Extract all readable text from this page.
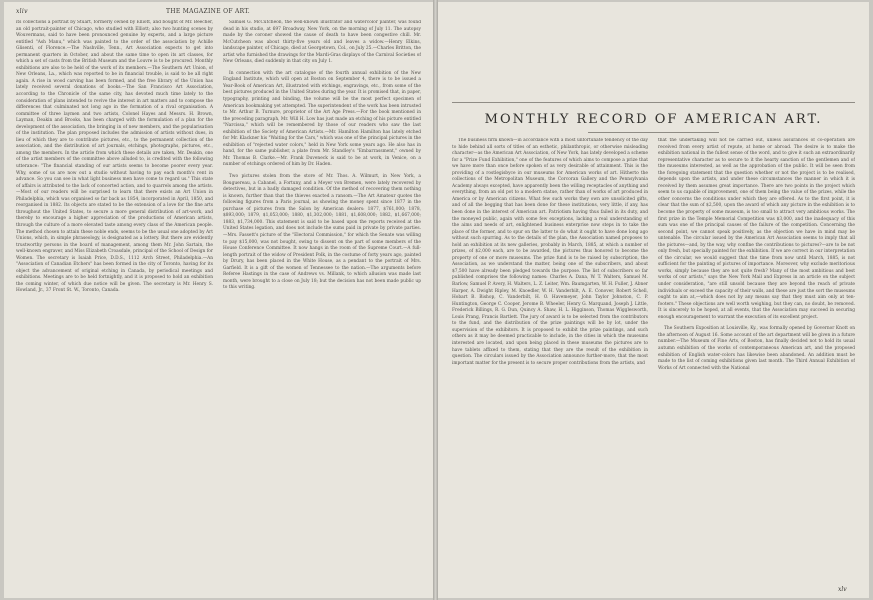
xliv	THE MAGAZINE OF ART.

its collections a portrait by Stuart, formerly owned by Elliott, and bought of Mr. Beecher, an old portrait-painter of Chicago, who studied with Elliott; also two hunting scenes by Wouvermans, said to have been pronounced genuine by experts, and a large picture entitled "Ash Manu," which was painted to the order of the association by Achille Glisenti, of Florence.—The Nashville, Tenn., Art Association expects to get into permanent quarters in October, and about the same time to open its art classes, for which a set of casts from the British Museum and the Louvre is to be procured. Monthly exhibitions are also to be held of the work of its members.—The Southern Art Union, of New Orleans, La., which was reported to be in financial trouble, is said to be all right again. A rise in wood carving has been formed, and the free library of the Union has lately received several donations of books.—The San Francisco Art Association, according to the Chronicle of the same city, has devoted much time lately to the consideration of plans intended to revive the interest in art matters and to compose the differences that culminated not long ago in the formation of a rival organisation. A committee of three laymen and two artists, Colonel Hayes and Messrs. H. Brown, Layman, Deakin and Brooks, has been charged with the formulation of a plan for the development of the association, the bringing in of new members, and the popularisation of the institution. The plan proposed includes the admission of artists without dues, in lieu of which they are to contribute pictures, etc., to the permanent collection of the association, and the distribution of art journals, etchings, photographs, pictures, etc., among the members. In the article from which these details are taken, Mr. Deakin, one of the artist members of the committee above alluded to, is credited with the following utterance: "The financial standing of our artists seems to become poorer every year. Why, some of us are now out a studio without having to pay each month's rent in advance. So you can see in what light business men have come to regard us." This state of affairs is attributed to the lack of concerted action, and to quarrels among the artists.—Most of our readers will be surprised to learn that there exists an Art Union in Philadelphia, which was organised so far back as 1854, incorporated in April, 1850, and reorganised in 1882. Its objects are stated to be the extension of a love for the fine arts throughout the United States, to secure a more general distribution of art-work, and thereby to encourage a higher appreciation of the productions of American artists, through the culture of a more elevated taste among every class of the American people. The method chosen to attain these noble ends, seems to be the usual one adopted by Art Unions, which, in simple phraseology, is designated as a lottery. But there are evidently trustworthy persons in the board of management, among them Mr. John Sartain, the well-known engraver, and Miss Elizabeth Croasdale, principal of the School of Design for Women. The secretary is Isaiah Price, D.D.S., 1112 Arch Street, Philadelphia.—An "Association of Canadian Etchers" has been formed in the city of Toronto, having for its object the advancement of original etching in Canada, by periodical meetings and exhibitions. Meetings are to be held fortnightly, and it is proposed to hold an exhibition the coming winter, of which due notice will be given. The secretary is Mr. Henry S. Howland, Jr., 37 Front St. W., Toronto, Canada.

Samuel G. McCutcheon, the well-known illustrator and watercolor painter, was found dead in his studio, at 697 Broadway, New York, on the morning of July 11. The autopsy made by the coroner showed the cause of death to have been congestive chill. Mr. McCutcheon was about thirty-five years old and leaves a widow.—Henry Elkins, landscape painter, of Chicago, died at Georgetown, Col., on July 25.—Charles Britton, the artist who furnished the drawings for the Mardi-Gras displays of the Carnival Societies of New Orleans, died suddenly in that city on July 1.

In connection with the art catalogue of the fourth annual exhibition of the New England Institute, which will open at Boston on September 4, there is to be issued a Year-Book of American Art, illustrated with etchings, engravings, etc., from some of the best pictures produced in the United States during the year. It is promised that, in paper, typography, printing and binding, the volume will be the most perfect specimen of American bookmaking yet attempted. The superintendent of the work has been intrusted to Mr. Arthur B. Turnure, proprietor of the Art Age Press.—For the book mentioned in the preceding paragraph, Mr. Will H. Low has just made an etching of his picture entitled "Narcissa," which will be remembered by those of our readers who saw the last exhibition of the Society of American Artists.—Mr. Hamilton Hamilton has lately etched for Mr. Klackner his "Waiting for the Cars," which was one of the principal pictures in the exhibition of "rejected water colors," held in New York some years ago. He also has in hand, for the same publisher, a plate from Mr. Standley's "Embarrassment," owned by Mr. Thomas B. Clarke.—Mr. Frank Duveneck is said to be at work, in Venice, on a number of etchings ordered of him by Dr. Haden.

Two pictures stolen from the store of Mr. Thos. A. Wilmurt, in New York, a Bouguereau, a Cabanel, a Fortuny, and a Meyer von Bremen, were lately recovered by detectives, but in a badly damaged condition. Of the method of recovering them nothing is known, further than that the thieves exacted a ransom.—The Art Amateur quotes the following figures from a Paris journal, as showing the money spent since 1877 in the purchase of pictures from the Salon by American dealers: 1877, $761,000; 1878, $893,000; 1879, $1,053,000; 1880, $1,302,000; 1881, $1,608,000; 1882, $1,667,000; 1883, $1,734,000. This statement is said to be based upon the reports received at the United States legation, and does not include the sums paid in private by private parties.—Mrs. Fassett's picture of the "Electoral Commission," for which the Senate was willing to pay $15,000, was not bought, owing to dissent on the part of some members of the House Conference Committee. It now hangs in the room of the Supreme Court.—A full-length portrait of the widow of President Polk, in the costume of forty years ago, painted by Drury, has been placed in the White House, as a pendant to the portrait of Mrs. Garfield. It is a gift of the women of Tennessee to the nation.—The arguments before Referee Hastings in the case of Andrews vs. Millank, to which allusion was made last month, were brought to a close on July 18; but the decision has not been made public up to this writing.

MONTHLY RECORD OF AMERICAN ART.

The business firm known—in accordance with a most unfortunate tendency of the day to hide behind all sorts of titles of an esthetic, philanthropic, or otherwise misleading character—as the American Art Association, of New York, has lately developed a scheme for a "Prize Fund Exhibition," one of the features of which aims to compose a prize that we have more than once before spoken of as very desirable of attainment. This is the providing of a rostlegisbyce in our museums for American works of art. Hitherto the collections of the Metropolitan Museum, the Corcoran Gallery and the Pennsylvania Academy always excepted, have apparently been the willing receptacles of anything and everything, from an old pot to a modern statue, rather than of works of art produced in America or by American citizens. What few such works they own are unsolicited gifts, and of all the begging that has been done for these institutions, very little, if any, has been done in the interest of American art. Patriotism having thus failed in its duty, and the moneyed public, again with some few exceptions, lacking a real understanding of the aims and needs of art, enlightened business enterprise now steps in to take the place of the former, and to spur on the latter to do what it ought to have done long ago without such spurring. As to the details of the plan, the Association named proposes to hold an exhibition at its new galleries, probably in March, 1885, at which a number of prizes, of $2,000 each, are to be awarded, the pictures thus honored to become the property of one or more museums. The prize fund is to be raised by subscription, the Association, as we understand the matter, being one of the subscribers, and about $7,500 have already been pledged towards the purpose. The list of subscribers so far published comprises the following names: Charles A. Dana, W. T. Walters, Samuel M. Barlow, Samuel P. Avery, H. Walters, L. Z. Leiter, Wm. Baumgarten, W. H. Fuller, J. Abner Harper, A. Dwight Ripley, M. Knoedler, W. H. Vanderbilt, A. E. Conover, Robert Schell, Hobart B. Bishop, C. Vanderbilt, H. O. Havemeyer, John Taylor Johnston, C. P. Huntington, George C. Cooper, Jerome B. Wheeler, Henry G. Marquand, Joseph J. Little, Frederick Billings, R. G. Dun, Quincy A. Shaw, H. L. Higginson, Thomas Wigglesworth, Louis Prang, Francis Bartlett. The jury of award is to be selected from the contributors to the fund, and the distribution of the prize paintings will be by lot, under the supervision of the exhibitors. It is proposed to exhibit the prize paintings, and such others as it may be deemed practicable to include, in the cities in which the museums interested are located, and upon being placed in these museums the pictures are to have tablets affixed to them, stating that they are the result of the exhibition in question. The circulars issued by the Association announce further-more, that the most important matter for the present is to secure proper contributions from the artists, and

that the undertaking will not be carried out, unless assurances of co-operation are received from every artist of repute, at home or abroad. The desire is to make the exhibition national in the fullest sense of the word, and to give it such an extraordinarily representative character as to secure to it the hearty sanction of the gentlemen and of the museums interested, as well as the approbation of the public. It will be seen from the foregoing statement that the question whether or not the project is to be realised, depends upon the artists, and under these circumstances the manner in which it is received by them assumes great importance. There are two points in the project which seem to us capable of improvement, one of them being the value of the prizes, while the other concerns the conditions under which they are offered. As to the first point, it is clear that the sum of $2,500, upon the award of which any picture in the exhibition is to become the property of some museum, is too small to attract very ambitious works. The first prize in the Temple Memorial Competition was $3,000, and the inadequacy of this sum was one of the principal causes of the failure of the competition. Concerning the second point, we cannot speak positively, as the objection we have in mind may be untenable. The circular issued by the American Art Association seems to imply that all the pictures—and, by the way, why confine the contributions to pictures?—are to be not only fresh, but specially painted for the exhibition. If we are correct in our interpretation of the circular, we would suggest that the time from now until March, 1885, is not sufficient for the painting of pictures of importance. Moreover, why exclude meritorious works, simply because they are not quite fresh? Many of the most ambitious and best works of our artists," says the New York Mail and Express in an article on the subject under consideration, "are still unsold because they are beyond the reach of private individuals or exceed the capacity of their walls, and these are just the sort the museums ought to aim at,—which does not by any means say that they must aim only at ten-footers." These objections are well worth weighing, but they can, no doubt, be removed. It is sincerely to be hoped, at all events, that the Association may succeed in securing enough encouragement to warrant the execution of its excellent project.

The Southern Exposition at Louisville, Ky., was formally opened by Governor Knott on the afternoon of August 16. Some account of the art department will be given in a future number.—The Museum of Fine Arts, of Boston, has finally decided not to hold its usual autumn exhibition of the works of contemporaneous American art, and the proposed exhibition of English water-colors has likewise been abandoned. An addition must be made to the list of coming exhibitions given last month. The Third Annual Exhibition of Works of Art connected with the National

xlv
